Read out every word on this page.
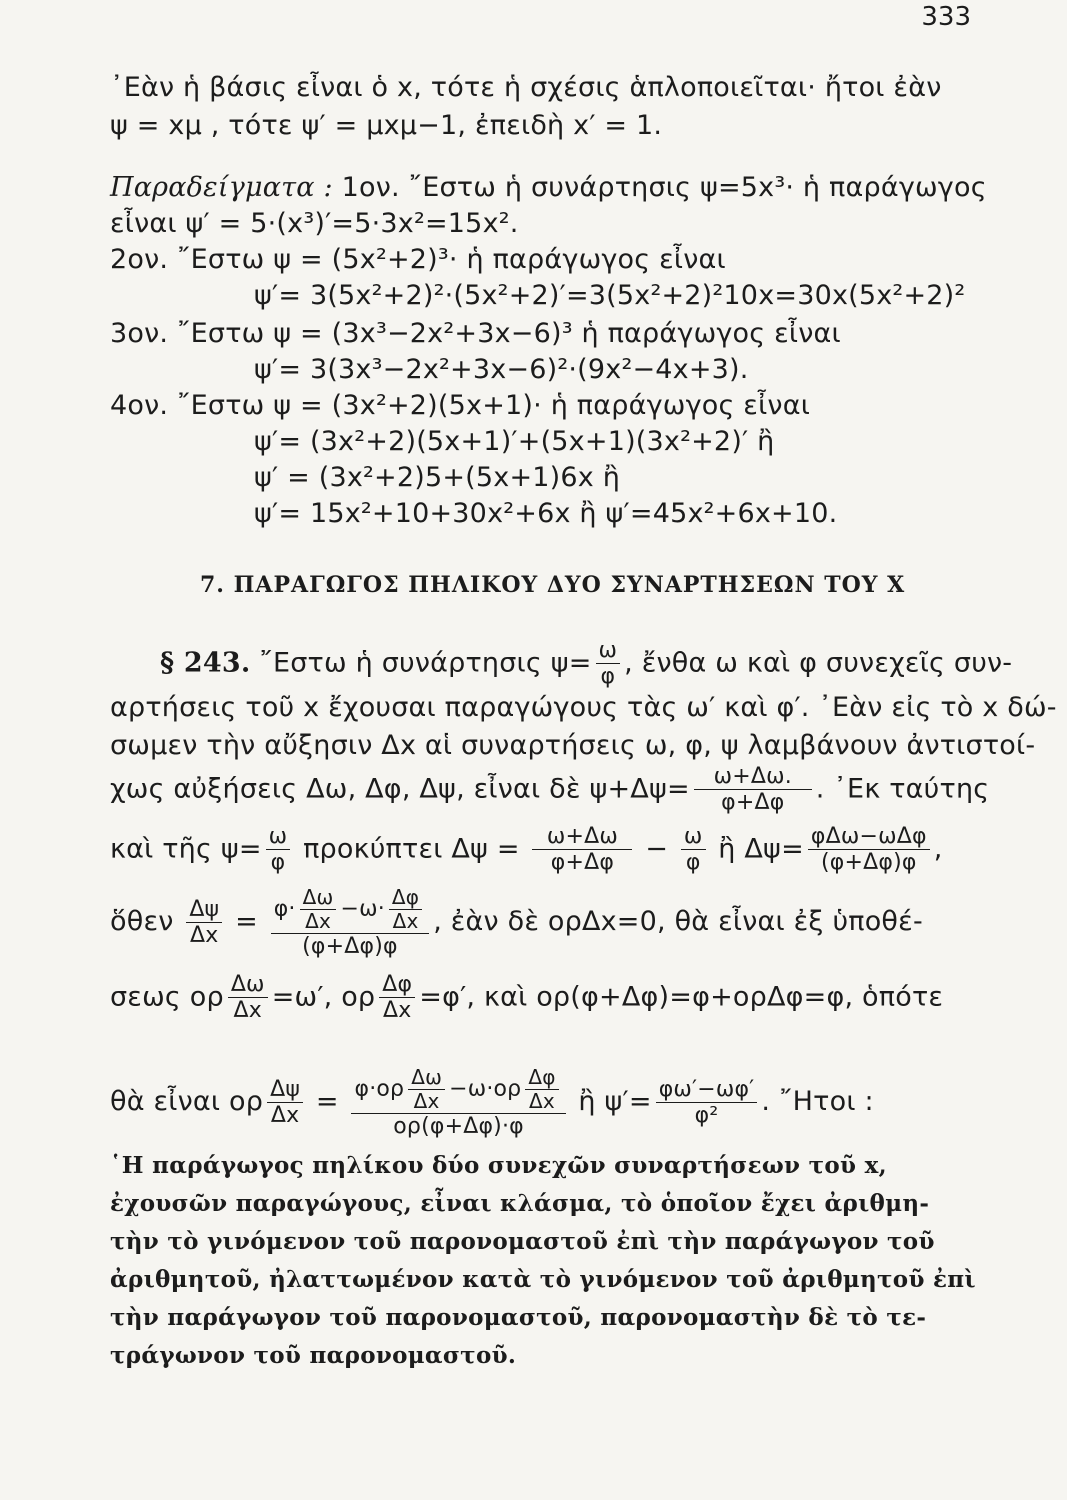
333
᾿Εὰν ἡ βάσις εἶναι ὁ x, τότε ἡ σχέσις ἁπλοποιεῖται· ἤτοι ἐὰν
ψ = xμ , τότε ψ′ = μxμ−1, ἐπειδὴ x′ = 1.
Παραδείγματα : 1ον. ῎Εστω ἡ συνάρτησις ψ=5x³· ἡ παράγωγος
εἶναι ψ′ = 5·(x³)′=5·3x²=15x².
2ον. ῎Εστω ψ = (5x²+2)³· ἡ παράγωγος εἶναι
ψ′= 3(5x²+2)²·(5x²+2)′=3(5x²+2)²10x=30x(5x²+2)²
3ον. ῎Εστω ψ = (3x³−2x²+3x−6)³ ἡ παράγωγος εἶναι
ψ′= 3(3x³−2x²+3x−6)²·(9x²−4x+3).
4ον. ῎Εστω ψ = (3x²+2)(5x+1)· ἡ παράγωγος εἶναι
ψ′= (3x²+2)(5x+1)′+(5x+1)(3x²+2)′ ἢ
ψ′ = (3x²+2)5+(5x+1)6x ἢ
ψ′= 15x²+10+30x²+6x ἢ ψ′=45x²+6x+10.
7. ΠΑΡΑΓΩΓΟΣ ΠΗΛΙΚΟΥ ΔΥΟ ΣΥΝΑΡΤΗΣΕΩΝ ΤΟΥ Χ
§ 243. ῎Εστω ἡ συνάρτησις $\psi= \frac{\omega}{\varphi}$ , ἔνθα ω καὶ φ συνεχεῖς συν-
αρτήσεις τοῦ x ἔχουσαι παραγώγους τὰς ω′ καὶ φ′. ᾿Εὰν εἰς τὸ x δώ-
σωμεν τὴν αὔξησιν Δx αἱ συναρτήσεις ω, φ, ψ λαμβάνουν ἀντιστοί-
χως αὐξήσεις Δω, Δφ, Δψ, εἶναι δὲ $\psi+\Delta\psi= \frac{\omega+\Delta\omega.}{\varphi+\Delta\varphi}$ . ᾿Εκ ταύτης
καὶ τῆς $\psi= \frac{\omega}{\varphi}$ προκύπτει $\Delta\psi = \frac{\omega+\Delta\omega}{\varphi+\Delta\varphi} - \frac{\omega}{\varphi}$ ἢ $\Delta\psi= \frac{\text{φΔω−ωΔφ}}{(\varphi+\Delta\varphi)\varphi}$ ,
ὅθεν $\frac{\Delta\psi}{\Delta x} = \frac{\varphi\cdot \frac{\Delta\omega}{\Delta x} -\omega\cdot \frac{\Delta\varphi}{\Delta x}}{(\varphi+\Delta\varphi)\varphi}$ , ἐὰν δὲ ορΔx=0, θὰ εἶναι ἐξ ὑποθέ-
σεως ορ $\frac{\Delta\omega}{\Delta x} =\omega'$, ορ $\frac{\Delta\varphi}{\Delta x} =\varphi'$, καὶ ορ(φ+Δφ)=φ+ορΔφ=φ, ὁπότε
θὰ εἶναι ορ $\frac{\Delta\psi}{\Delta x} = \frac{\varphi\cdot o\rho \frac{\Delta\omega}{\Delta x} -\omega\cdot o\rho \frac{\Delta\varphi}{\Delta x}}{o\rho(\varphi+\Delta\varphi)\cdot\varphi}$ ἢ $\psi'= \frac{\varphi\omega'-\omega\varphi'}{\text{φ²}}$ . ῎Ητοι :
῾Η παράγωγος πηλίκου δύο συνεχῶν συναρτήσεων τοῦ x,
ἐχουσῶν παραγώγους, εἶναι κλάσμα, τὸ ὁποῖον ἔχει ἀριθμη-
τὴν τὸ γινόμενον τοῦ παρονομαστοῦ ἐπὶ τὴν παράγωγον τοῦ
ἀριθμητοῦ, ἠλαττωμένον κατὰ τὸ γινόμενον τοῦ ἀριθμητοῦ ἐπὶ
τὴν παράγωγον τοῦ παρονομαστοῦ, παρονομαστὴν δὲ τὸ τε-
τράγωνον τοῦ παρονομαστοῦ.
